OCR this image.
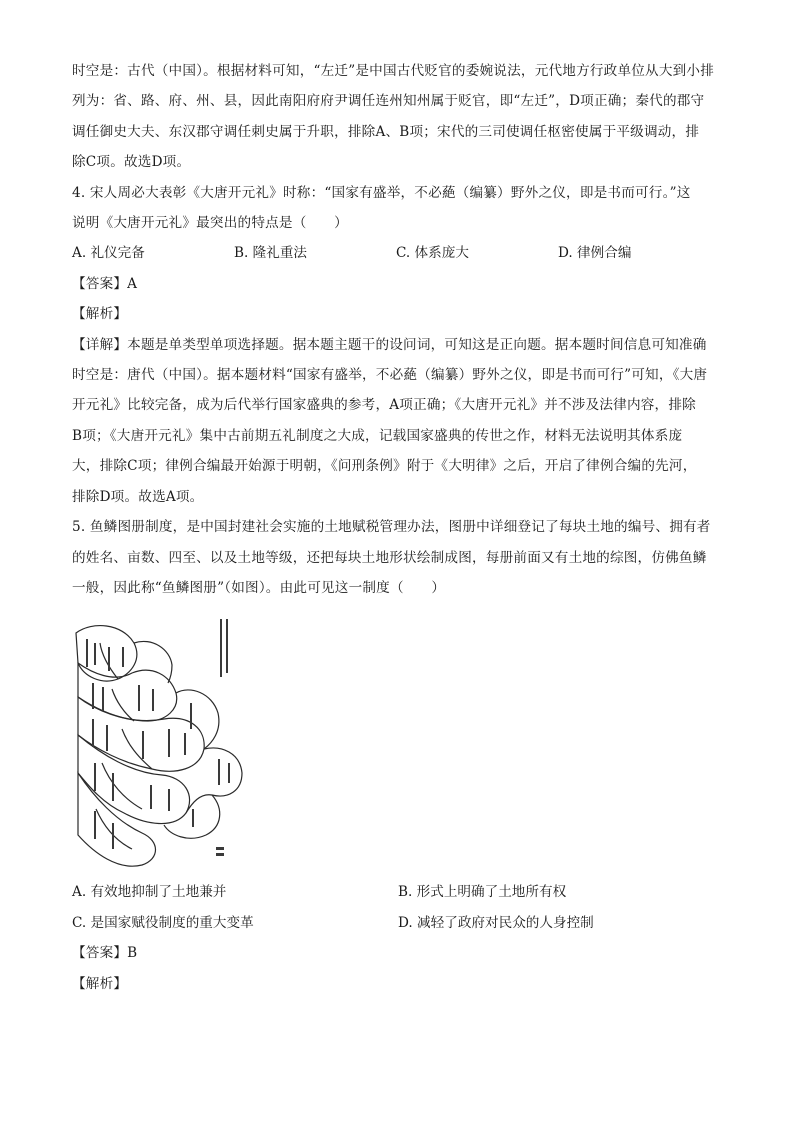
时空是：古代（中国）。根据材料可知，“左迁”是中国古代贬官的委婉说法，元代地方行政单位从大到小排

列为：省、路、府、州、县，因此南阳府府尹调任连州知州属于贬官，即“左迁”，D项正确；秦代的郡守

调任御史大夫、东汉郡守调任刺史属于升职，排除A、B项；宋代的三司使调任枢密使属于平级调动，排

除C项。故选D项。

4. 宋人周必大表彰《大唐开元礼》时称：“国家有盛举，不必蕝（编纂）野外之仪，即是书而可行。”这

说明《大唐开元礼》最突出的特点是（　　）

A. 礼仪完备	B. 隆礼重法	C. 体系庞大	D. 律例合编

【答案】A

【解析】

【详解】本题是单类型单项选择题。据本题主题干的设问词，可知这是正向题。据本题时间信息可知准确

时空是：唐代（中国）。据本题材料“国家有盛举，不必蕝（编纂）野外之仪，即是书而可行”可知，《大唐

开元礼》比较完备，成为后代举行国家盛典的参考，A项正确；《大唐开元礼》并不涉及法律内容，排除

B项；《大唐开元礼》集中古前期五礼制度之大成，记载国家盛典的传世之作，材料无法说明其体系庞

大，排除C项；律例合编最开始源于明朝，《问刑条例》附于《大明律》之后，开启了律例合编的先河，

排除D项。故选A项。

5. 鱼鳞图册制度，是中国封建社会实施的土地赋税管理办法，图册中详细登记了每块土地的编号、拥有者

的姓名、亩数、四至、以及土地等级，还把每块土地形状绘制成图，每册前面又有土地的综图，仿佛鱼鳞

一般，因此称“鱼鳞图册”（如图）。由此可见这一制度（　　）

A. 有效地抑制了土地兼并	B. 形式上明确了土地所有权
C. 是国家赋役制度的重大变革	D. 减轻了政府对民众的人身控制

【答案】B

【解析】
